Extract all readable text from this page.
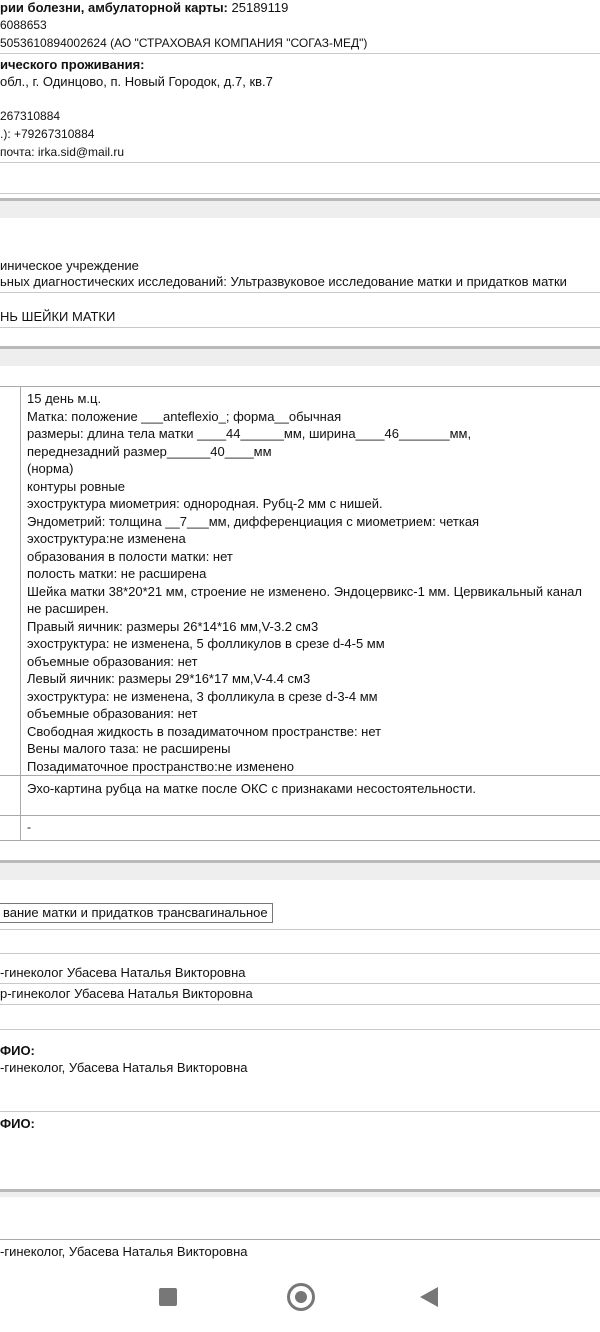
рии болезни, амбулаторной карты: 25189119
6088653
5053610894002624 (АО "СТРАХОВАЯ КОМПАНИЯ "СОГАЗ-МЕД")
ического проживания:
обл., г. Одинцово, п. Новый Городок, д.7, кв.7
267310884
.): +79267310884
почта: irka.sid@mail.ru
иническое учреждение
ьных диагностических исследований: Ультразвуковое исследование матки и придатков матки
НЬ ШЕЙКИ МАТКИ
15 день м.ц.
Матка: положение ___anteflexio_; форма__обычная
размеры: длина тела матки ____44______мм, ширина____46_______мм,
переднезадний размер______40____мм
(норма)
контуры ровные
эхоструктура миометрия: однородная. Рубц-2 мм с нишей.
Эндометрий: толщина __7___мм, дифференциация с миометрием: четкая
эхоструктура:не изменена
образования в полости матки: нет
полость матки: не расширена
Шейка матки 38*20*21 мм, строение не изменено. Эндоцервикс-1 мм. Цервикальный канал
не расширен.
Правый яичник: размеры 26*14*16 мм,V-3.2 см3
эхоструктура: не изменена, 5 фолликулов в срезе d-4-5 мм
объемные образования: нет
Левый яичник: размеры 29*16*17 мм,V-4.4 см3
эхоструктура: не изменена, 3 фолликула в срезе d-3-4 мм
объемные образования: нет
Свободная жидкость в позадиматочном пространстве: нет
Вены малого таза: не расширены
Позадиматочное пространство:не изменено
Эхо-картина рубца на матке после ОКС с признаками несостоятельности.
-
вание матки и придатков трансвагинальное
-гинеколог Убасева Наталья Викторовна
р-гинеколог Убасева Наталья Викторовна
ФИО:
-гинеколог, Убасева Наталья Викторовна
ФИО:
-гинеколог, Убасева Наталья Викторовна
